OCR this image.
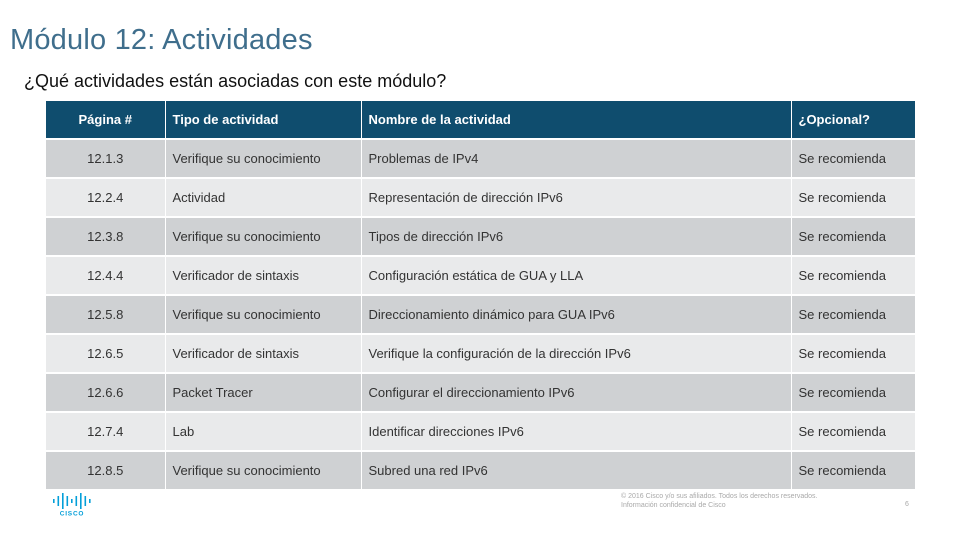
Módulo 12: Actividades
¿Qué actividades están asociadas con este módulo?
Página #	Tipo de actividad	Nombre de la actividad	¿Opcional?
12.1.3	Verifique su conocimiento	Problemas de IPv4	Se recomienda
12.2.4	Actividad	Representación de dirección IPv6	Se recomienda
12.3.8	Verifique su conocimiento	Tipos de dirección IPv6	Se recomienda
12.4.4	Verificador de sintaxis	Configuración estática de GUA y LLA	Se recomienda
12.5.8	Verifique su conocimiento	Direccionamiento dinámico para GUA IPv6	Se recomienda
12.6.5	Verificador de sintaxis	Verifique la configuración de la dirección IPv6	Se recomienda
12.6.6	Packet Tracer	Configurar el direccionamiento IPv6	Se recomienda
12.7.4	Lab	Identificar direcciones IPv6	Se recomienda
12.8.5	Verifique su conocimiento	Subred una red IPv6	Se recomienda
CISCO
© 2016 Cisco y/o sus afiliados. Todos los derechos reservados.
Información confidencial de Cisco	6
